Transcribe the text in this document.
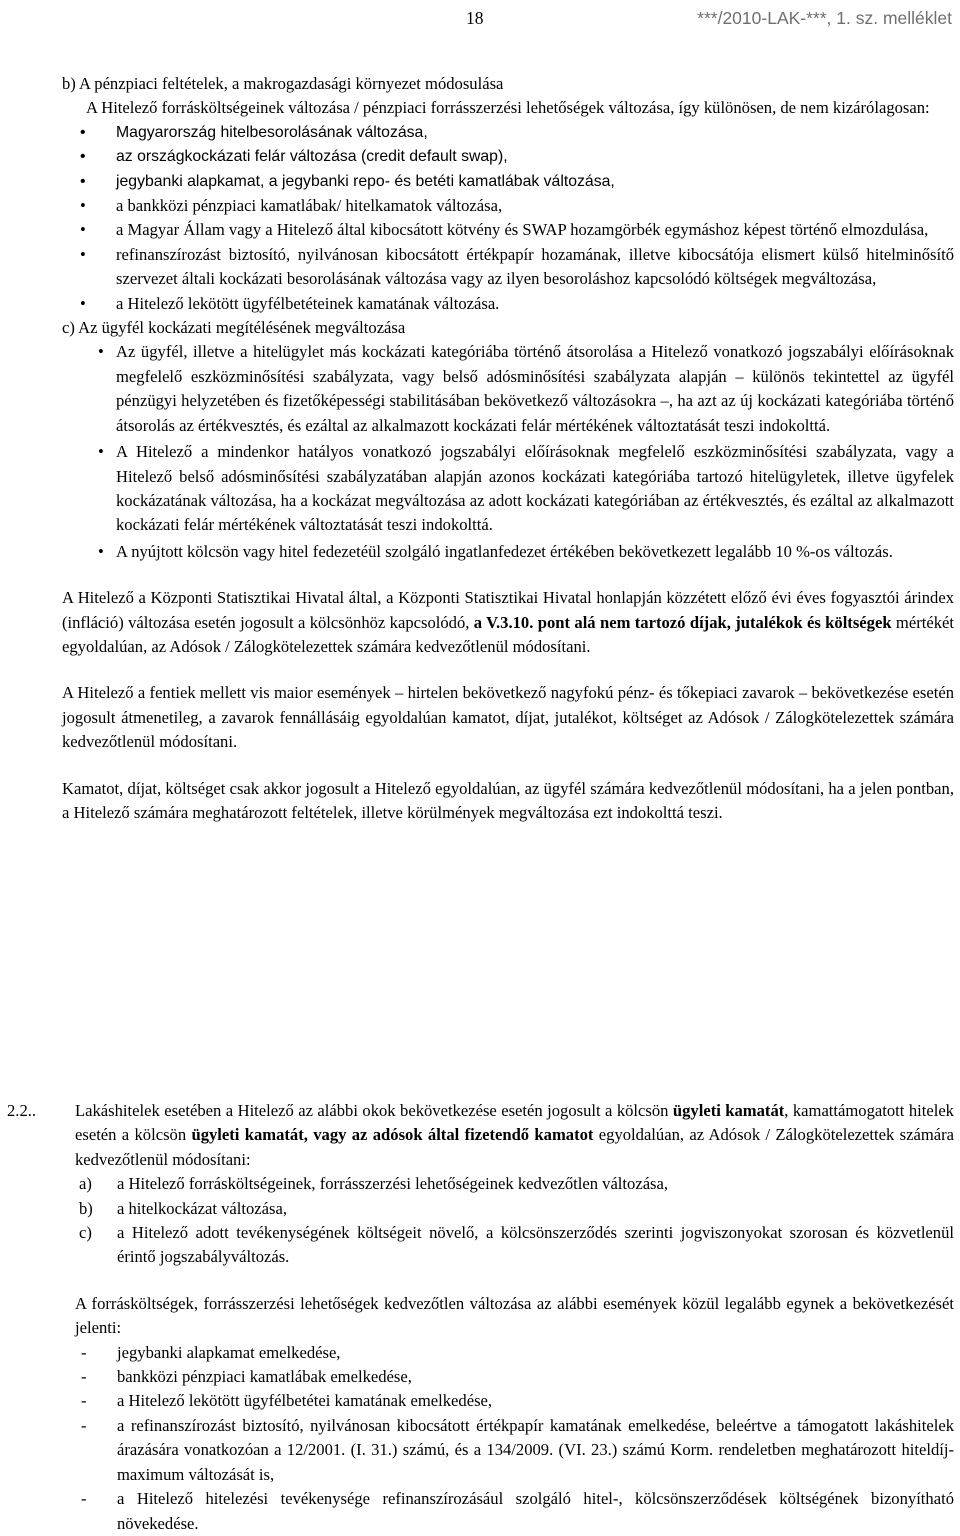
18	***/2010-LAK-***, 1. sz. melléklet

b) A pénzpiaci feltételek, a makrogazdasági környezet módosulása

A Hitelező forrásköltségeinek változása / pénzpiaci forrásszerzési lehetőségek változása, így különösen, de nem kizárólagosan:

• Magyarország hitelbesorolásának változása,

• az országkockázati felár változása (credit default swap),

• jegybanki alapkamat, a jegybanki repo- és betéti kamatlábak változása,

• a bankközi pénzpiaci kamatlábak/ hitelkamatok változása,

• a Magyar Állam vagy a Hitelező által kibocsátott kötvény és SWAP hozamgörbék egymáshoz képest történő elmozdulása,

• refinanszírozást biztosító, nyilvánosan kibocsátott értékpapír hozamának, illetve kibocsátója elismert külső hitelminősítő szervezet általi kockázati besorolásának változása vagy az ilyen besoroláshoz kapcsolódó költségek megváltozása,

• a Hitelező lekötött ügyfélbetéteinek kamatának változása.

c) Az ügyfél kockázati megítélésének megváltozása

• Az ügyfél, illetve a hitelügylet más kockázati kategóriába történő átsorolása a Hitelező vonatkozó jogszabályi előírásoknak megfelelő eszközminősítési szabályzata, vagy belső adósminősítési szabályzata alapján – különös tekintettel az ügyfél pénzügyi helyzetében és fizetőképességi stabilitásában bekövetkező változásokra –, ha azt az új kockázati kategóriába történő átsorolás az értékvesztés, és ezáltal az alkalmazott kockázati felár mértékének változtatását teszi indokolttá.

• A Hitelező a mindenkor hatályos vonatkozó jogszabályi előírásoknak megfelelő eszközminősítési szabályzata, vagy a Hitelező belső adósminősítési szabályzatában alapján azonos kockázati kategóriába tartozó hitelügyletek, illetve ügyfelek kockázatának változása, ha a kockázat megváltozása az adott kockázati kategóriában az értékvesztés, és ezáltal az alkalmazott kockázati felár mértékének változtatását teszi indokolttá.

• A nyújtott kölcsön vagy hitel fedezetéül szolgáló ingatlanfedezet értékében bekövetkezett legalább 10 %-os változás.

A Hitelező a Központi Statisztikai Hivatal által, a Központi Statisztikai Hivatal honlapján közzétett előző évi éves fogyasztói árindex (infláció) változása esetén jogosult a kölcsönhöz kapcsolódó, a V.3.10. pont alá nem tartozó díjak, jutalékok és költségek mértékét egyoldalúan, az Adósok / Zálogkötelezettek számára kedvezőtlenül módosítani.

A Hitelező a fentiek mellett vis maior események – hirtelen bekövetkező nagyfokú pénz- és tőkepiaci zavarok – bekövetkezése esetén jogosult átmenetileg, a zavarok fennállásáig egyoldalúan kamatot, díjat, jutalékot, költséget az Adósok / Zálogkötelezettek számára kedvezőtlenül módosítani.

Kamatot, díjat, költséget csak akkor jogosult a Hitelező egyoldalúan, az ügyfél számára kedvezőtlenül módosítani, ha a jelen pontban, a Hitelező számára meghatározott feltételek, illetve körülmények megváltozása ezt indokolttá teszi.

2.2.. Lakáshitelek esetében a Hitelező az alábbi okok bekövetkezése esetén jogosult a kölcsön ügyleti kamatát, kamattámogatott hitelek esetén a kölcsön ügyleti kamatát, vagy az adósok által fizetendő kamatot egyoldalúan, az Adósok / Zálogkötelezettek számára kedvezőtlenül módosítani:

a) a Hitelező forrásköltségeinek, forrásszerzési lehetőségeinek kedvezőtlen változása,

b) a hitelkockázat változása,

c) a Hitelező adott tevékenységének költségeit növelő, a kölcsönszerződés szerinti jogviszonyokat szorosan és közvetlenül érintő jogszabályváltozás.

A forrásköltségek, forrásszerzési lehetőségek kedvezőtlen változása az alábbi események közül legalább egynek a bekövetkezését jelenti:

- jegybanki alapkamat emelkedése,

- bankközi pénzpiaci kamatlábak emelkedése,

- a Hitelező lekötött ügyfélbetétei kamatának emelkedése,

- a refinanszírozást biztosító, nyilvánosan kibocsátott értékpapír kamatának emelkedése, beleértve a támogatott lakáshitelek árazására vonatkozóan a 12/2001. (I. 31.) számú, és a 134/2009. (VI. 23.) számú Korm. rendeletben meghatározott hiteldíj-maximum változását is,

- a Hitelező hitelezési tevékenysége refinanszírozásául szolgáló hitel-, kölcsönszerződések költségének bizonyítható növekedése.
